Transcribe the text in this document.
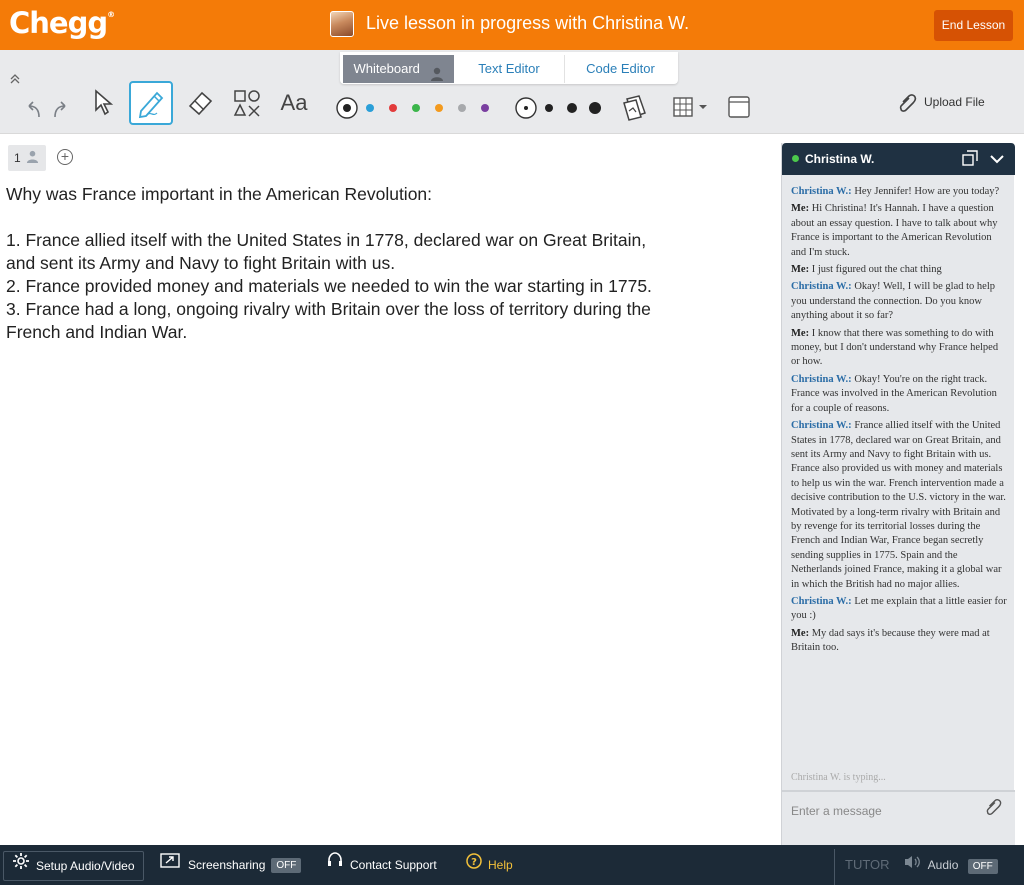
Chegg®	Live lesson in progress with Christina W.	End Lesson
Whiteboard	Text Editor	Code Editor
Aa	Upload File
1	+

Why was France important in the American Revolution:

1. France allied itself with the United States in 1778, declared war on Great Britain, and sent its Army and Navy to fight Britain with us.

2. France provided money and materials we needed to win the war starting in 1775.

3. France had a long, ongoing rivalry with Britain over the loss of territory during the French and Indian War.

Christina W.

Christina W.: Hey Jennifer! How are you today?
Me: Hi Christina! It's Hannah. I have a question about an essay question. I have to talk about why France is important to the American Revolution and I'm stuck.
Me: I just figured out the chat thing
Christina W.: Okay! Well, I will be glad to help you understand the connection. Do you know anything about it so far?
Me: I know that there was something to do with money, but I don't understand why France helped or how.
Christina W.: Okay! You're on the right track. France was involved in the American Revolution for a couple of reasons.
Christina W.: France allied itself with the United States in 1778, declared war on Great Britain, and sent its Army and Navy to fight Britain with us. France also provided us with money and materials to help us win the war. French intervention made a decisive contribution to the U.S. victory in the war. Motivated by a long-term rivalry with Britain and by revenge for its territorial losses during the French and Indian War, France began secretly sending supplies in 1775. Spain and the Netherlands joined France, making it a global war in which the British had no major allies.
Christina W.: Let me explain that a little easier for you :)
Me: My dad says it's because they were mad at Britain too.
Christina W. is typing...
Enter a message
Setup Audio/Video	Screensharing	OFF	Contact Support	? Help	TUTOR	Audio OFF
